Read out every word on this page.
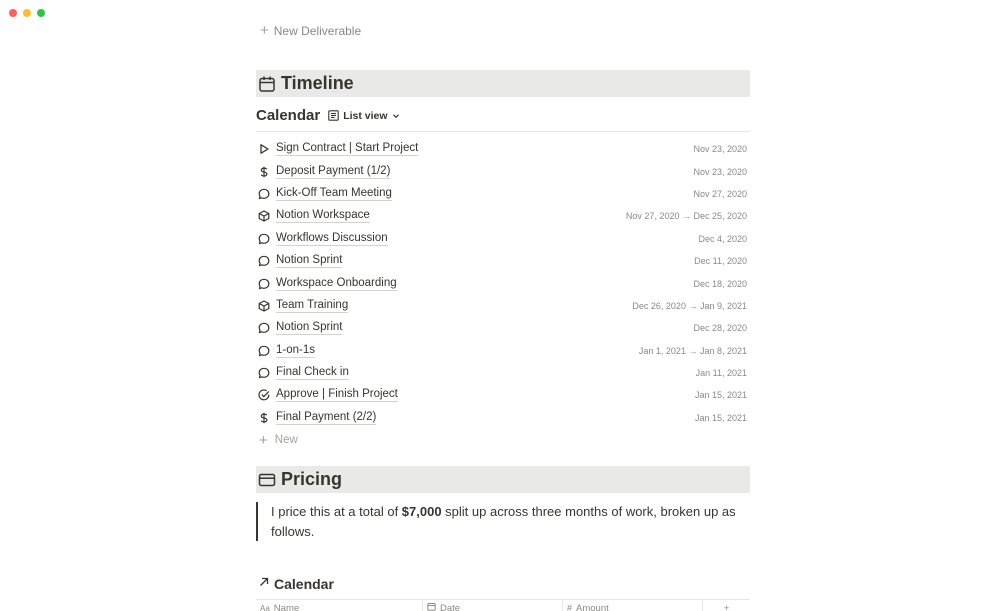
+ New Deliverable
Timeline
Calendar List view
Sign Contract | Start Project	Nov 23, 2020
Deposit Payment (1/2)	Nov 23, 2020
Kick-Off Team Meeting	Nov 27, 2020
Notion Workspace	Nov 27, 2020 → Dec 25, 2020
Workflows Discussion	Dec 4, 2020
Notion Sprint	Dec 11, 2020
Workspace Onboarding	Dec 18, 2020
Team Training	Dec 26, 2020 → Jan 9, 2021
Notion Sprint	Dec 28, 2020
1-on-1s	Jan 1, 2021 → Jan 8, 2021
Final Check in	Jan 11, 2021
Approve | Finish Project	Jan 15, 2021
Final Payment (2/2)	Jan 15, 2021
+ New
Pricing
I price this at a total of $7,000 split up across three months of work, broken up as follows.
Calendar
Aa Name	Date	# Amount	+
